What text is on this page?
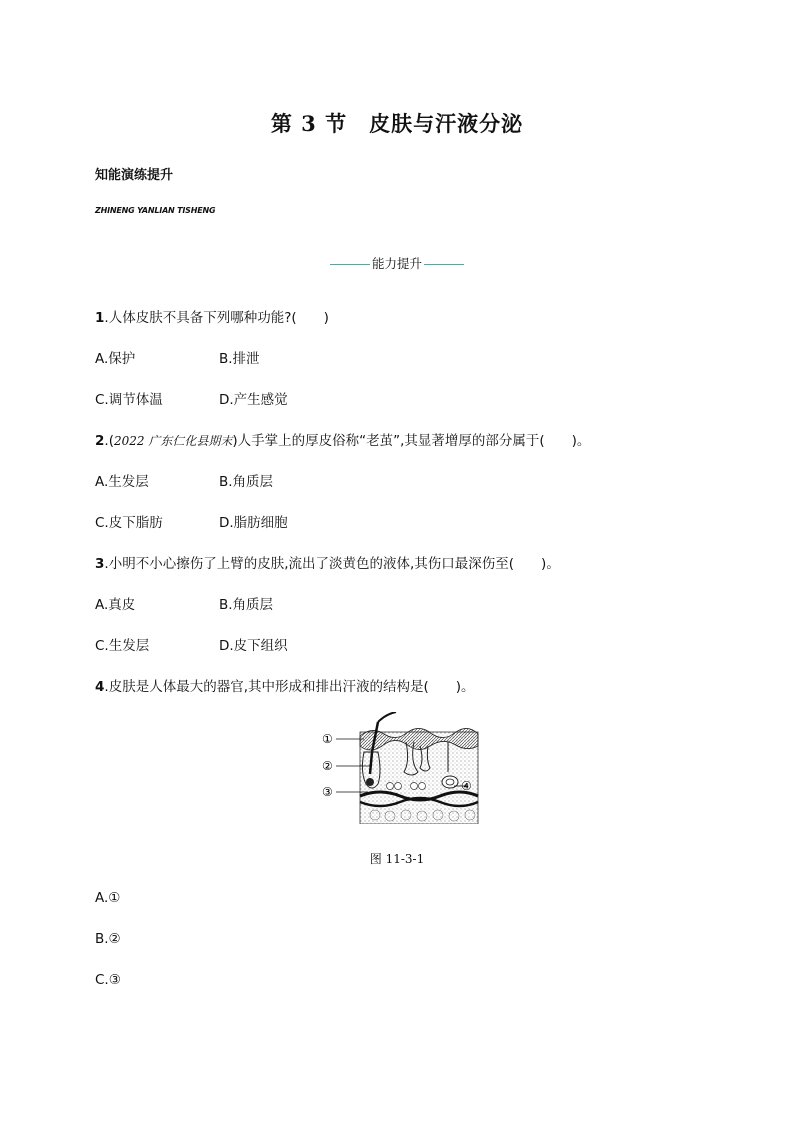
第 3 节　皮肤与汗液分泌
知能演练提升
ZHINENG YANLIAN TISHENG
能力提升
1.人体皮肤不具备下列哪种功能?(　　)
A.保护	B.排泄
C.调节体温	D.产生感觉
2.(2022 广东仁化县期末)人手掌上的厚皮俗称“老茧”,其显著增厚的部分属于(　　)。
A.生发层	B.角质层
C.皮下脂肪	D.脂肪细胞
3.小明不小心擦伤了上臂的皮肤,流出了淡黄色的液体,其伤口最深伤至(　　)。
A.真皮	B.角质层
C.生发层	D.皮下组织
4.皮肤是人体最大的器官,其中形成和排出汗液的结构是(　　)。
①
②
③	④
图 11-3-1
A.①
B.②
C.③
